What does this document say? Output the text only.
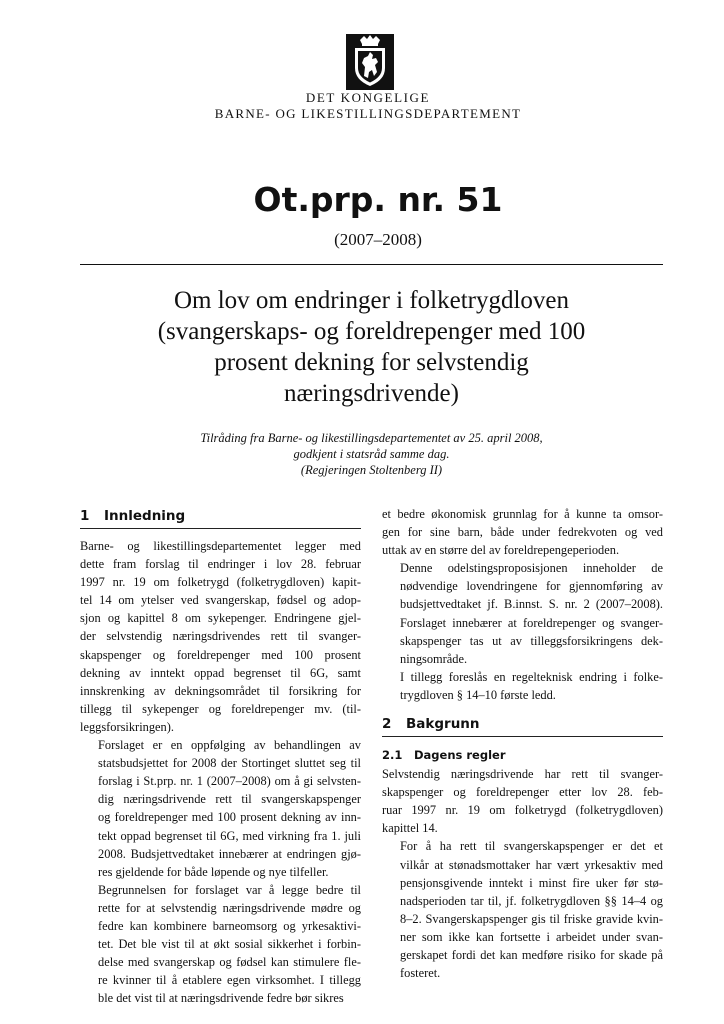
DET KONGELIGE
BARNE- OG LIKESTILLINGSDEPARTEMENT
Ot.prp. nr. 51
(2007–2008)
Om lov om endringer i folketrygdloven
(svangerskaps- og foreldrepenger med 100
prosent dekning for selvstendig
næringsdrivende)
Tilråding fra Barne- og likestillingsdepartementet av 25. april 2008,
godkjent i statsråd samme dag.
(Regjeringen Stoltenberg II)
1 Innledning

Barne- og likestillingsdepartementet legger med
dette fram forslag til endringer i lov 28. februar
1997 nr. 19 om folketrygd (folketrygdloven) kapit-
tel 14 om ytelser ved svangerskap, fødsel og adop-
sjon og kapittel 8 om sykepenger. Endringene gjel-
der selvstendig næringsdrivendes rett til svanger-
skapspenger og foreldrepenger med 100 prosent
dekning av inntekt oppad begrenset til 6G, samt
innskrenking av dekningsområdet til forsikring for
tillegg til sykepenger og foreldrepenger mv. (til-
leggsforsikringen).

Forslaget er en oppfølging av behandlingen av
statsbudsjettet for 2008 der Stortinget sluttet seg til
forslag i St.prp. nr. 1 (2007–2008) om å gi selvsten-
dig næringsdrivende rett til svangerskapspenger
og foreldrepenger med 100 prosent dekning av inn-
tekt oppad begrenset til 6G, med virkning fra 1. juli
2008. Budsjettvedtaket innebærer at endringen gjø-
res gjeldende for både løpende og nye tilfeller.

Begrunnelsen for forslaget var å legge bedre til
rette for at selvstendig næringsdrivende mødre og
fedre kan kombinere barneomsorg og yrkesaktivi-
tet. Det ble vist til at økt sosial sikkerhet i forbin-
delse med svangerskap og fødsel kan stimulere fle-
re kvinner til å etablere egen virksomhet. I tillegg
ble det vist til at næringsdrivende fedre bør sikres

et bedre økonomisk grunnlag for å kunne ta omsor-
gen for sine barn, både under fedrekvoten og ved
uttak av en større del av foreldrepengeperioden.

Denne odelstingsproposisjonen inneholder de
nødvendige lovendringene for gjennomføring av
budsjettvedtaket jf. B.innst. S. nr. 2 (2007–2008).
Forslaget innebærer at foreldrepenger og svanger-
skapspenger tas ut av tilleggsforsikringens dek-
ningsområde.

I tillegg foreslås en regelteknisk endring i folke-
trygdloven § 14–10 første ledd.

2 Bakgrunn
2.1 Dagens regler

Selvstendig næringsdrivende har rett til svanger-
skapspenger og foreldrepenger etter lov 28. feb-
ruar 1997 nr. 19 om folketrygd (folketrygdloven)
kapittel 14.

For å ha rett til svangerskapspenger er det et
vilkår at stønadsmottaker har vært yrkesaktiv med
pensjonsgivende inntekt i minst fire uker før stø-
nadsperioden tar til, jf. folketrygdloven §§ 14–4 og
8–2. Svangerskapspenger gis til friske gravide kvin-
ner som ikke kan fortsette i arbeidet under svan-
gerskapet fordi det kan medføre risiko for skade på
fosteret.
